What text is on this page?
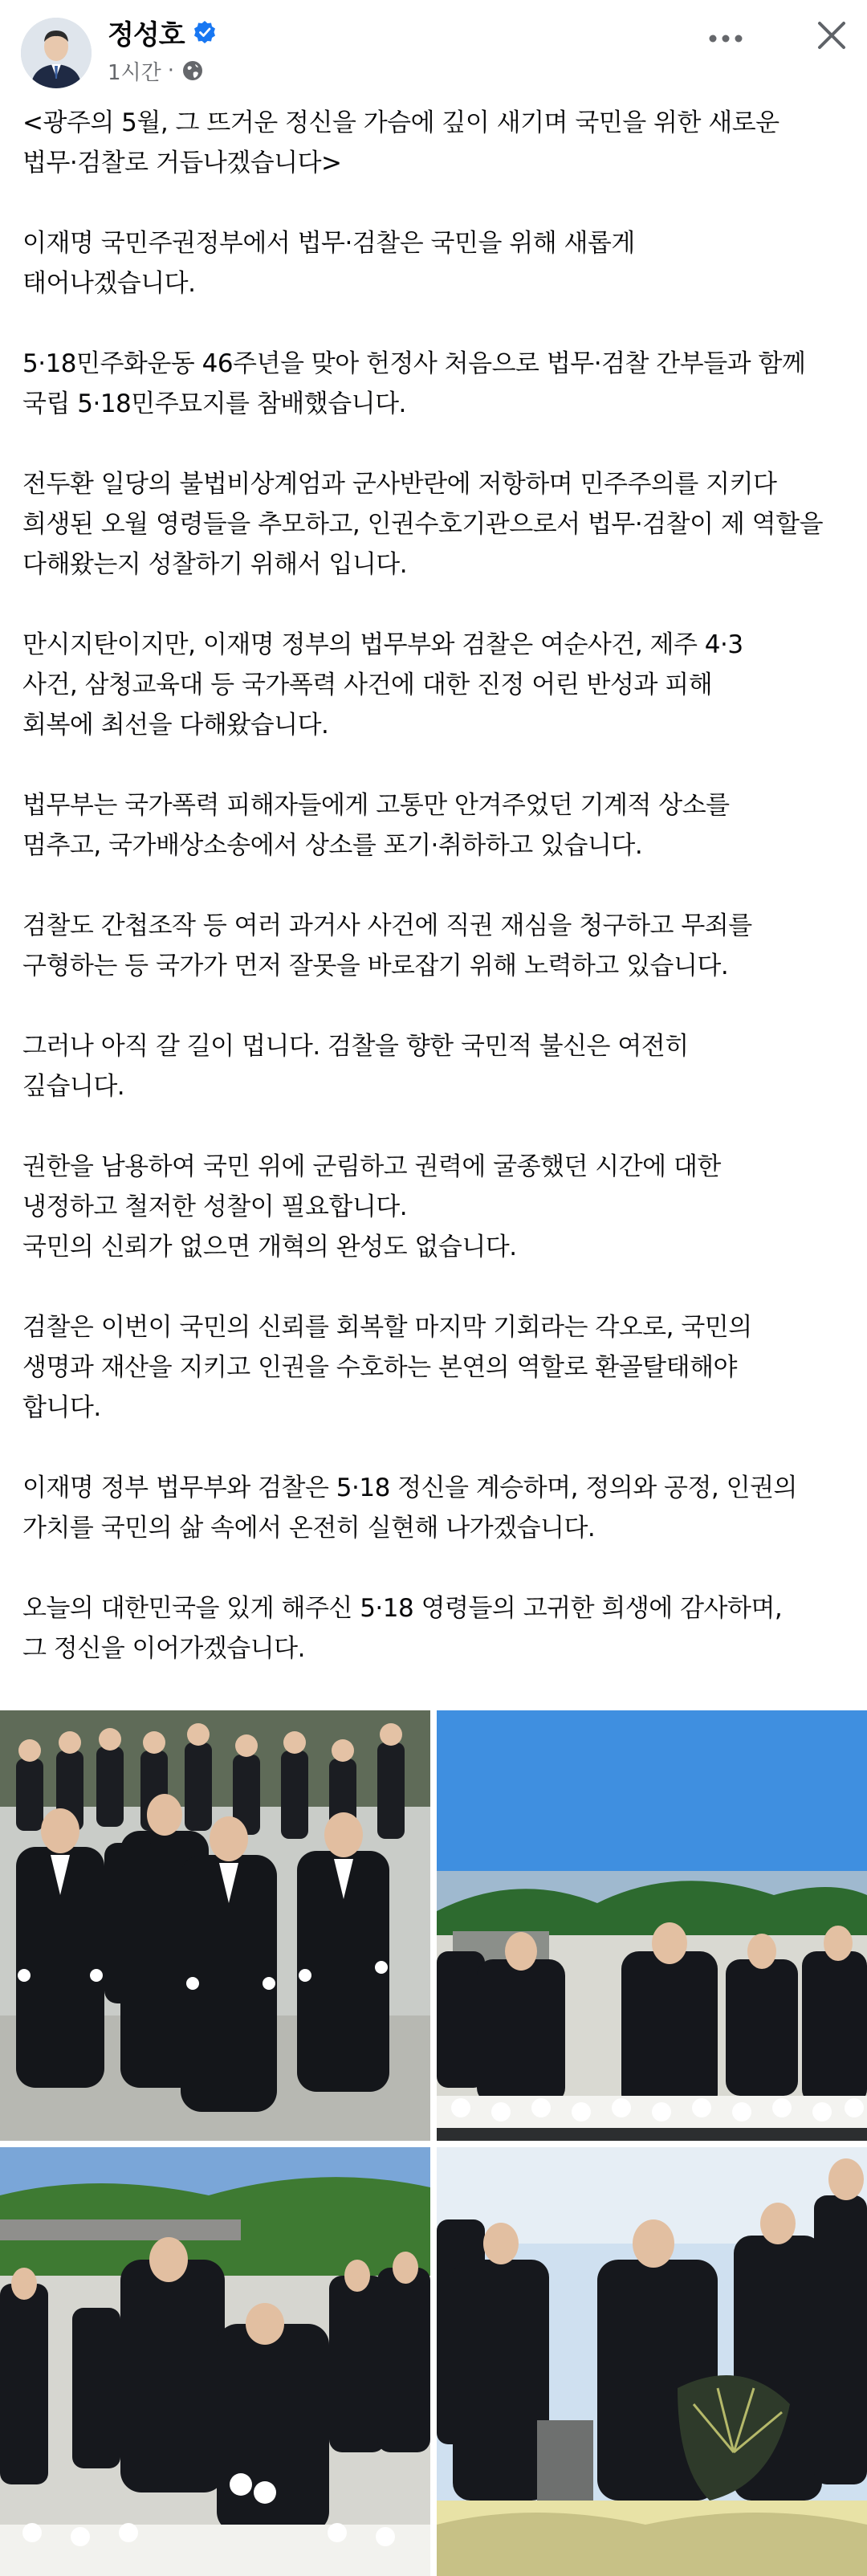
정성호
1시간 ·

<광주의 5월, 그 뜨거운 정신을 가슴에 깊이 새기며 국민을 위한 새로운
법무·검찰로 거듭나겠습니다>

이재명 국민주권정부에서 법무·검찰은 국민을 위해 새롭게
태어나겠습니다.

5·18민주화운동 46주년을 맞아 헌정사 처음으로 법무·검찰 간부들과 함께
국립 5·18민주묘지를 참배했습니다.

전두환 일당의 불법비상계엄과 군사반란에 저항하며 민주주의를 지키다
희생된 오월 영령들을 추모하고, 인권수호기관으로서 법무·검찰이 제 역할을
다해왔는지 성찰하기 위해서 입니다.

만시지탄이지만, 이재명 정부의 법무부와 검찰은 여순사건, 제주 4·3
사건, 삼청교육대 등 국가폭력 사건에 대한 진정 어린 반성과 피해
회복에 최선을 다해왔습니다.

법무부는 국가폭력 피해자들에게 고통만 안겨주었던 기계적 상소를
멈추고, 국가배상소송에서 상소를 포기·취하하고 있습니다.

검찰도 간첩조작 등 여러 과거사 사건에 직권 재심을 청구하고 무죄를
구형하는 등 국가가 먼저 잘못을 바로잡기 위해 노력하고 있습니다.

그러나 아직 갈 길이 멉니다. 검찰을 향한 국민적 불신은 여전히
깊습니다.

권한을 남용하여 국민 위에 군림하고 권력에 굴종했던 시간에 대한
냉정하고 철저한 성찰이 필요합니다.
국민의 신뢰가 없으면 개혁의 완성도 없습니다.

검찰은 이번이 국민의 신뢰를 회복할 마지막 기회라는 각오로, 국민의
생명과 재산을 지키고 인권을 수호하는 본연의 역할로 환골탈태해야
합니다.

이재명 정부 법무부와 검찰은 5·18 정신을 계승하며, 정의와 공정, 인권의
가치를 국민의 삶 속에서 온전히 실현해 나가겠습니다.

오늘의 대한민국을 있게 해주신 5·18 영령들의 고귀한 희생에 감사하며,
그 정신을 이어가겠습니다.
